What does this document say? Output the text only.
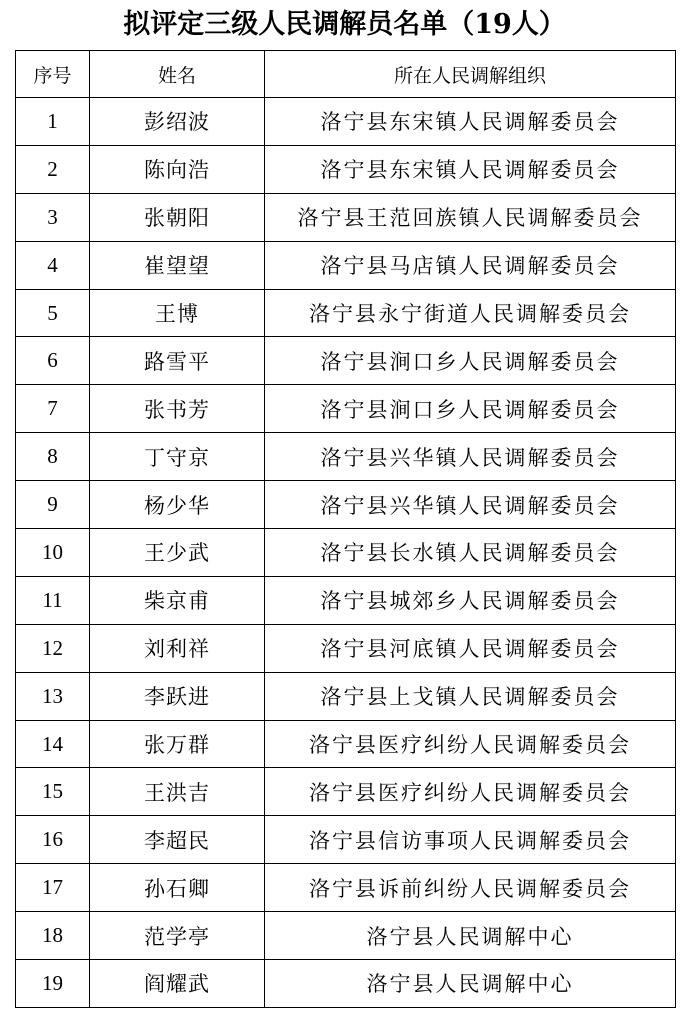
拟评定三级人民调解员名单（19人）
序号	姓名	所在人民调解组织
1	彭绍波	洛宁县东宋镇人民调解委员会
2	陈向浩	洛宁县东宋镇人民调解委员会
3	张朝阳	洛宁县王范回族镇人民调解委员会
4	崔望望	洛宁县马店镇人民调解委员会
5	王博	洛宁县永宁街道人民调解委员会
6	路雪平	洛宁县涧口乡人民调解委员会
7	张书芳	洛宁县涧口乡人民调解委员会
8	丁守京	洛宁县兴华镇人民调解委员会
9	杨少华	洛宁县兴华镇人民调解委员会
10	王少武	洛宁县长水镇人民调解委员会
11	柴京甫	洛宁县城郊乡人民调解委员会
12	刘利祥	洛宁县河底镇人民调解委员会
13	李跃进	洛宁县上戈镇人民调解委员会
14	张万群	洛宁县医疗纠纷人民调解委员会
15	王洪吉	洛宁县医疗纠纷人民调解委员会
16	李超民	洛宁县信访事项人民调解委员会
17	孙石卿	洛宁县诉前纠纷人民调解委员会
18	范学亭	洛宁县人民调解中心
19	阎耀武	洛宁县人民调解中心
